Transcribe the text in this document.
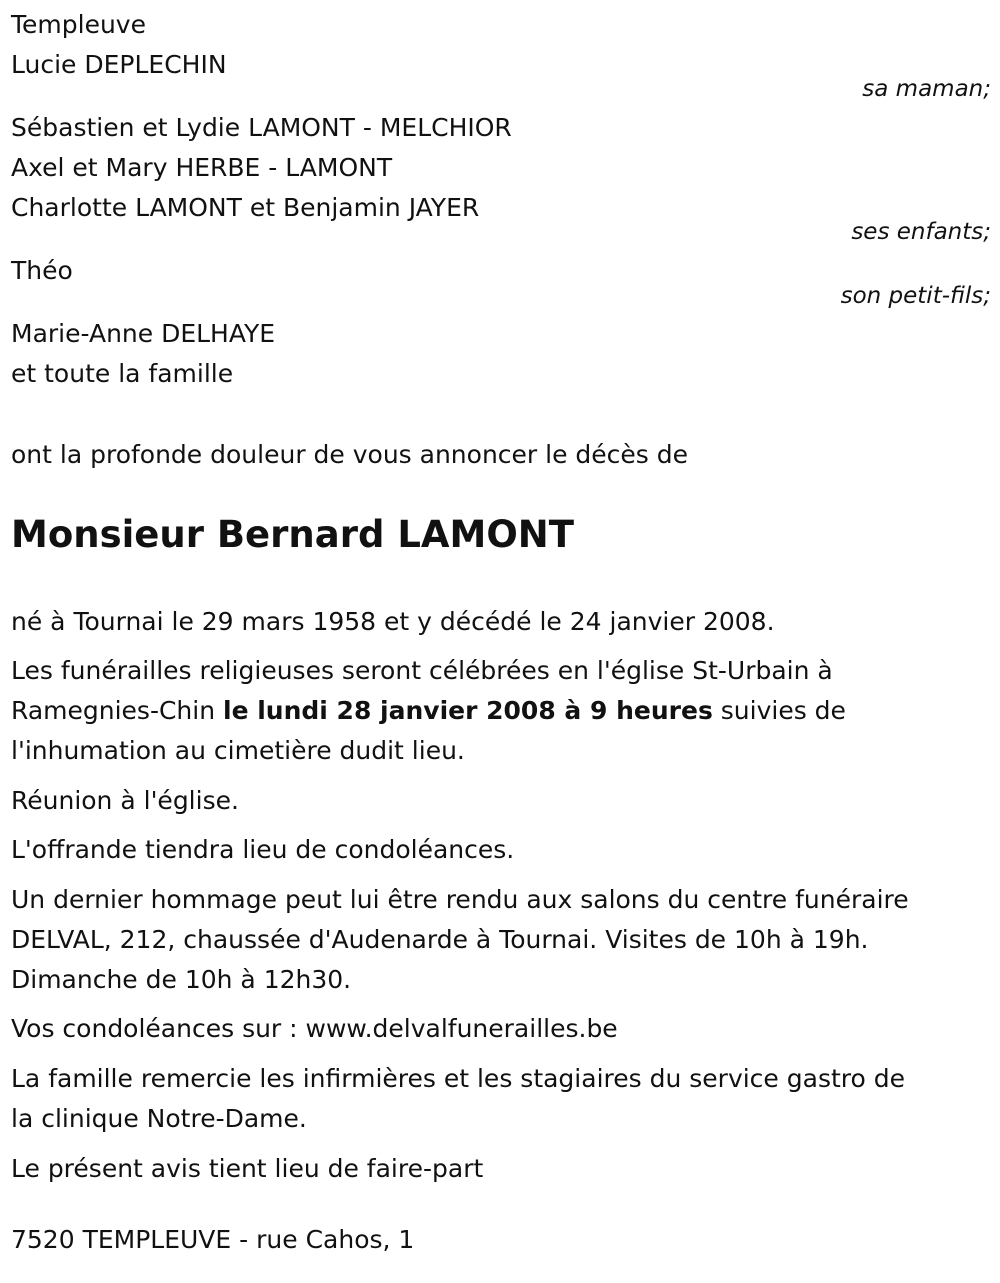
Templeuve
Lucie DEPLECHIN
sa maman;
Sébastien et Lydie LAMONT - MELCHIOR
Axel et Mary HERBE - LAMONT
Charlotte LAMONT et Benjamin JAYER
ses enfants;
Théo
son petit-fils;
Marie-Anne DELHAYE
et toute la famille
ont la profonde douleur de vous annoncer le décès de
Monsieur Bernard LAMONT
né à Tournai le 29 mars 1958 et y décédé le 24 janvier 2008.
Les funérailles religieuses seront célébrées en l'église St-Urbain à
Ramegnies-Chin le lundi 28 janvier 2008 à 9 heures suivies de
l'inhumation au cimetière dudit lieu.
Réunion à l'église.
L'offrande tiendra lieu de condoléances.
Un dernier hommage peut lui être rendu aux salons du centre funéraire
DELVAL, 212, chaussée d'Audenarde à Tournai. Visites de 10h à 19h.
Dimanche de 10h à 12h30.
Vos condoléances sur : www.delvalfunerailles.be
La famille remercie les infirmières et les stagiaires du service gastro de
la clinique Notre-Dame.
Le présent avis tient lieu de faire-part
7520 TEMPLEUVE - rue Cahos, 1
